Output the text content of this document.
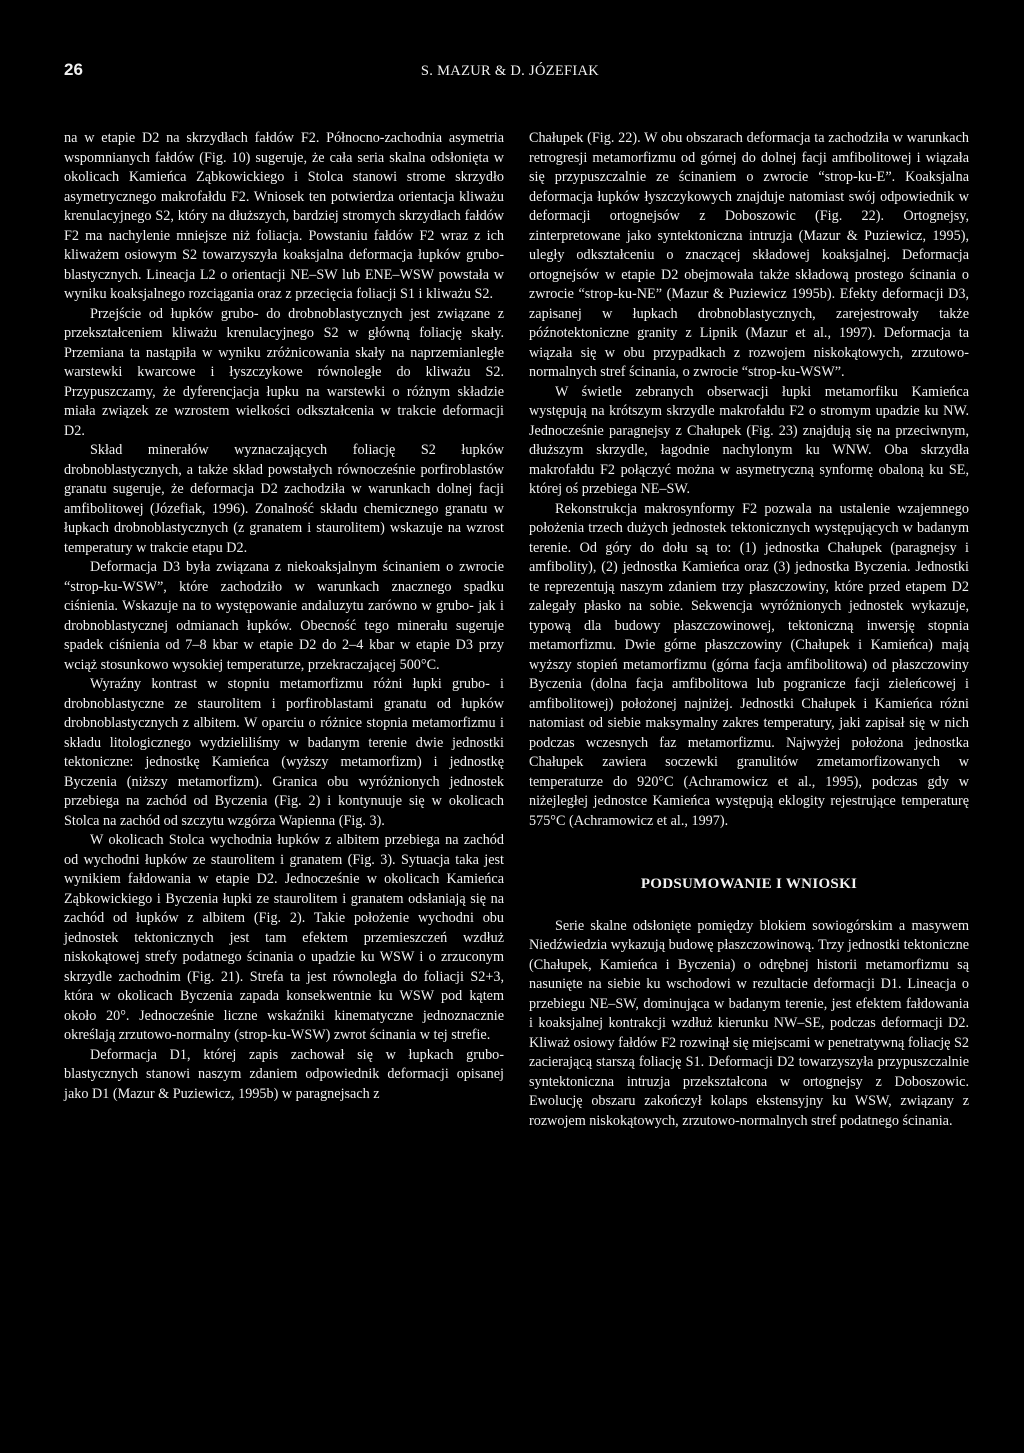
26	S. MAZUR & D. JÓZEFIAK

na w etapie D2 na skrzydłach fałdów F2. Północno-zachodnia asymetria wspomnianych fałdów (Fig. 10) sugeruje, że cała seria skalna odsłonięta w okolicach Kamieńca Ząbkowickiego i Stolca stanowi strome skrzydło asymetrycznego makrofałdu F2. Wniosek ten potwierdza orientacja kliważu krenulacyjnego S2, który na dłuższych, bardziej stromych skrzydłach fałdów F2 ma nachylenie mniejsze niż foliacja. Powstaniu fałdów F2 wraz z ich kliważem osiowym S2 towarzyszyła koaksjalna deformacja łupków grubo-blastycznych. Lineacja L2 o orientacji NE–SW lub ENE–WSW powstała w wyniku koaksjalnego rozciągania oraz z przecięcia foliacji S1 i kliważu S2.

Przejście od łupków grubo- do drobnoblastycznych jest związane z przekształceniem kliważu krenulacyjnego S2 w główną foliację skały. Przemiana ta nastąpiła w wyniku zróżnicowania skały na naprzemianległe warstewki kwarcowe i łyszczykowe równoległe do kliważu S2. Przypuszczamy, że dyferencjacja łupku na warstewki o różnym składzie miała związek ze wzrostem wielkości odkształcenia w trakcie deformacji D2.

Skład minerałów wyznaczających foliację S2 łupków drobnoblastycznych, a także skład powstałych równocześnie porfiroblastów granatu sugeruje, że deformacja D2 zachodziła w warunkach dolnej facji amfibolitowej (Józefiak, 1996). Zonalność składu chemicznego granatu w łupkach drobnoblastycznych (z granatem i staurolitem) wskazuje na wzrost temperatury w trakcie etapu D2.

Deformacja D3 była związana z niekoaksjalnym ścinaniem o zwrocie “strop-ku-WSW”, które zachodziło w warunkach znacznego spadku ciśnienia. Wskazuje na to występowanie andaluzytu zarówno w grubo- jak i drobnoblastycznej odmianach łupków. Obecność tego minerału sugeruje spadek ciśnienia od 7–8 kbar w etapie D2 do 2–4 kbar w etapie D3 przy wciąż stosunkowo wysokiej temperaturze, przekraczającej 500°C.

Wyraźny kontrast w stopniu metamorfizmu różni łupki grubo- i drobnoblastyczne ze staurolitem i porfiroblastami granatu od łupków drobnoblastycznych z albitem. W oparciu o różnice stopnia metamorfizmu i składu litologicznego wydzieliliśmy w badanym terenie dwie jednostki tektoniczne: jednostkę Kamieńca (wyższy metamorfizm) i jednostkę Byczenia (niższy metamorfizm). Granica obu wyróżnionych jednostek przebiega na zachód od Byczenia (Fig. 2) i kontynuuje się w okolicach Stolca na zachód od szczytu wzgórza Wapienna (Fig. 3).

W okolicach Stolca wychodnia łupków z albitem przebiega na zachód od wychodni łupków ze staurolitem i granatem (Fig. 3). Sytuacja taka jest wynikiem fałdowania w etapie D2. Jednocześnie w okolicach Kamieńca Ząbkowickiego i Byczenia łupki ze staurolitem i granatem odsłaniają się na zachód od łupków z albitem (Fig. 2). Takie położenie wychodni obu jednostek tektonicznych jest tam efektem przemieszczeń wzdłuż niskokątowej strefy podatnego ścinania o upadzie ku WSW i o zrzuconym skrzydle zachodnim (Fig. 21). Strefa ta jest równoległa do foliacji S2+3, która w okolicach Byczenia zapada konsekwentnie ku WSW pod kątem około 20°. Jednocześnie liczne wskaźniki kinematyczne jednoznacznie określają zrzutowo-normalny (strop-ku-WSW) zwrot ścinania w tej strefie.

Deformacja D1, której zapis zachował się w łupkach grubo-blastycznych stanowi naszym zdaniem odpowiednik deformacji opisanej jako D1 (Mazur & Puziewicz, 1995b) w paragnejsach z

Chałupek (Fig. 22). W obu obszarach deformacja ta zachodziła w warunkach retrogresji metamorfizmu od górnej do dolnej facji amfibolitowej i wiązała się przypuszczalnie ze ścinaniem o zwrocie “strop-ku-E”. Koaksjalna deformacja łupków łyszczykowych znajduje natomiast swój odpowiednik w deformacji ortognejsów z Doboszowic (Fig. 22). Ortognejsy, zinterpretowane jako syntektoniczna intruzja (Mazur & Puziewicz, 1995), uległy odkształceniu o znaczącej składowej koaksjalnej. Deformacja ortognejsów w etapie D2 obejmowała także składową prostego ścinania o zwrocie “strop-ku-NE” (Mazur & Puziewicz 1995b). Efekty deformacji D3, zapisanej w łupkach drobnoblastycznych, zarejestrowały także późnotektoniczne granity z Lipnik (Mazur et al., 1997). Deformacja ta wiązała się w obu przypadkach z rozwojem niskokątowych, zrzutowo-normalnych stref ścinania, o zwrocie “strop-ku-WSW”.

W świetle zebranych obserwacji łupki metamorfiku Kamieńca występują na krótszym skrzydle makrofałdu F2 o stromym upadzie ku NW. Jednocześnie paragnejsy z Chałupek (Fig. 23) znajdują się na przeciwnym, dłuższym skrzydle, łagodnie nachylonym ku WNW. Oba skrzydła makrofałdu F2 połączyć można w asymetryczną synformę obaloną ku SE, której oś przebiega NE–SW.

Rekonstrukcja makrosynformy F2 pozwala na ustalenie wzajemnego położenia trzech dużych jednostek tektonicznych występujących w badanym terenie. Od góry do dołu są to: (1) jednostka Chałupek (paragnejsy i amfibolity), (2) jednostka Kamieńca oraz (3) jednostka Byczenia. Jednostki te reprezentują naszym zdaniem trzy płaszczowiny, które przed etapem D2 zalegały płasko na sobie. Sekwencja wyróżnionych jednostek wykazuje, typową dla budowy płaszczowinowej, tektoniczną inwersję stopnia metamorfizmu. Dwie górne płaszczowiny (Chałupek i Kamieńca) mają wyższy stopień metamorfizmu (górna facja amfibolitowa) od płaszczowiny Byczenia (dolna facja amfibolitowa lub pogranicze facji zieleńcowej i amfibolitowej) położonej najniżej. Jednostki Chałupek i Kamieńca różni natomiast od siebie maksymalny zakres temperatury, jaki zapisał się w nich podczas wczesnych faz metamorfizmu. Najwyżej położona jednostka Chałupek zawiera soczewki granulitów zmetamorfizowanych w temperaturze do 920°C (Achramowicz et al., 1995), podczas gdy w niżejległej jednostce Kamieńca występują eklogity rejestrujące temperaturę 575°C (Achramowicz et al., 1997).

PODSUMOWANIE I WNIOSKI

Serie skalne odsłonięte pomiędzy blokiem sowiogórskim a masywem Niedźwiedzia wykazują budowę płaszczowinową. Trzy jednostki tektoniczne (Chałupek, Kamieńca i Byczenia) o odrębnej historii metamorfizmu są nasunięte na siebie ku wschodowi w rezultacie deformacji D1. Lineacja o przebiegu NE–SW, dominująca w badanym terenie, jest efektem fałdowania i koaksjalnej kontrakcji wzdłuż kierunku NW–SE, podczas deformacji D2. Kliważ osiowy fałdów F2 rozwinął się miejscami w penetratywną foliację S2 zacierającą starszą foliację S1. Deformacji D2 towarzyszyła przypuszczalnie syntektoniczna intruzja przekształcona w ortognejsy z Doboszowic. Ewolucję obszaru zakończył kolaps ekstensyjny ku WSW, związany z rozwojem niskokątowych, zrzutowo-normalnych stref podatnego ścinania.
